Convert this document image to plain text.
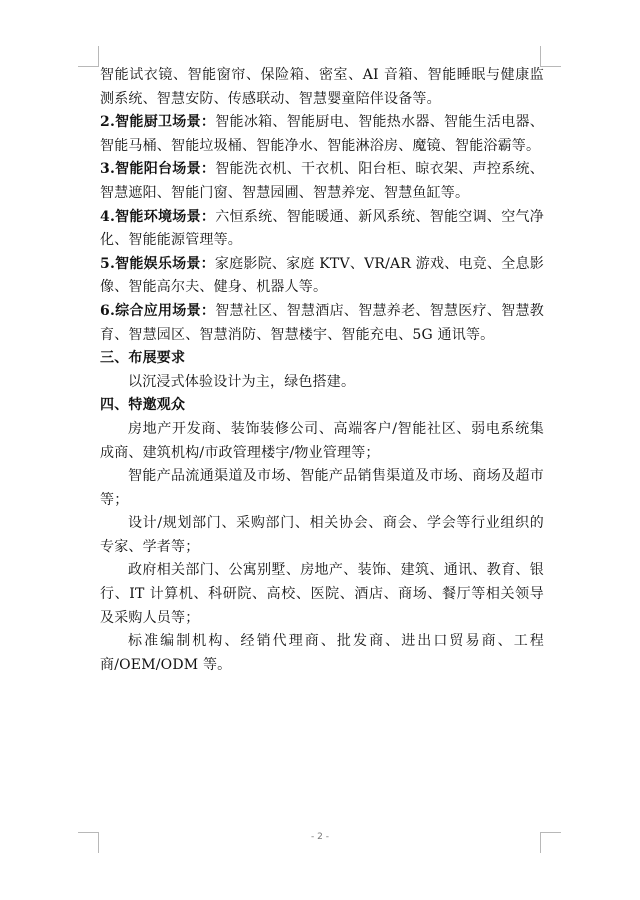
智能试衣镜、智能窗帘、保险箱、密室、AI 音箱、智能睡眠与健康监测系统、智慧安防、传感联动、智慧婴童陪伴设备等。

2.智能厨卫场景：智能冰箱、智能厨电、智能热水器、智能生活电器、智能马桶、智能垃圾桶、智能净水、智能淋浴房、魔镜、智能浴霸等。

3.智能阳台场景：智能洗衣机、干衣机、阳台柜、晾衣架、声控系统、智慧遮阳、智能门窗、智慧园圃、智慧养宠、智慧鱼缸等。

4.智能环境场景：六恒系统、智能暖通、新风系统、智能空调、空气净化、智能能源管理等。

5.智能娱乐场景：家庭影院、家庭 KTV、VR/AR 游戏、电竞、全息影像、智能高尔夫、健身、机器人等。

6.综合应用场景：智慧社区、智慧酒店、智慧养老、智慧医疗、智慧教育、智慧园区、智慧消防、智慧楼宇、智能充电、5G 通讯等。

三、布展要求

以沉浸式体验设计为主，绿色搭建。

四、特邀观众

房地产开发商、装饰装修公司、高端客户/智能社区、弱电系统集成商、建筑机构/市政管理楼宇/物业管理等；

智能产品流通渠道及市场、智能产品销售渠道及市场、商场及超市等；

设计/规划部门、采购部门、相关协会、商会、学会等行业组织的专家、学者等；

政府相关部门、公寓别墅、房地产、装饰、建筑、通讯、教育、银行、IT 计算机、科研院、高校、医院、酒店、商场、餐厅等相关领导及采购人员等；

标准编制机构、经销代理商、批发商、进出口贸易商、工程商/OEM/ODM 等。

- 2 -
